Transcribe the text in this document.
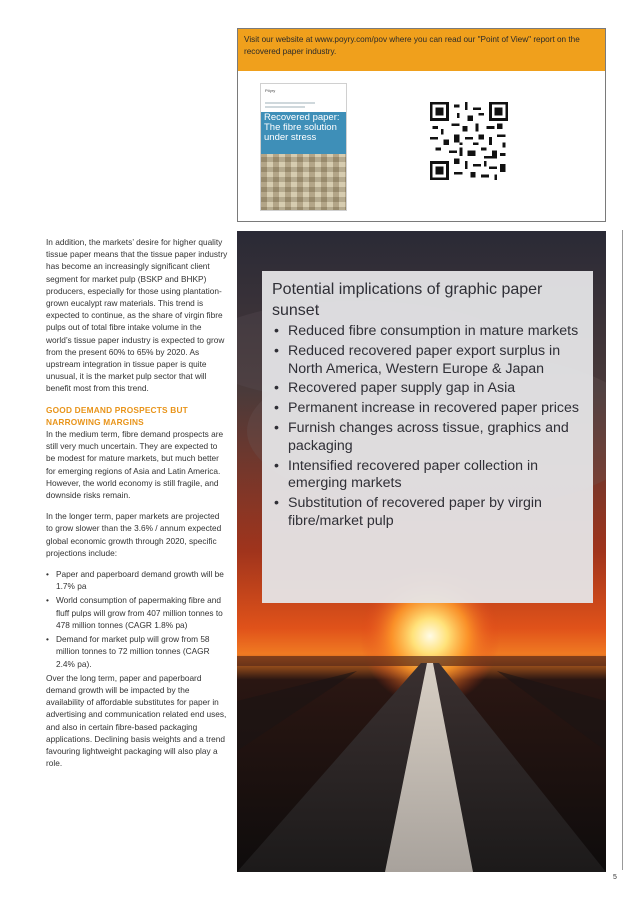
Visit our website at www.poyry.com/pov where you can read our "Point of View" report on the recovered paper industry.
Pöyry
Recovered paper: The fibre solution under stress

In addition, the markets’ desire for higher quality tissue paper means that the tissue paper industry has become an increasingly significant client segment for market pulp (BSKP and BHKP) producers, especially for those using plantation-grown eucalypt raw materials. This trend is expected to continue, as the share of virgin fibre pulps out of total fibre intake volume in the world’s tissue paper industry is expected to grow from the present 60% to 65% by 2020. As upstream integration in tissue paper is quite unusual, it is the market pulp sector that will benefit most from this trend.

GOOD DEMAND PROSPECTS BUT NARROWING MARGINS

In the medium term, fibre demand prospects are still very much uncertain. They are expected to be modest for mature markets, but much better for emerging regions of Asia and Latin America. However, the world economy is still fragile, and downside risks remain.

In the longer term, paper markets are projected to grow slower than the 3.6% / annum expected global economic growth through 2020, specific projections include:

• Paper and paperboard demand growth will be 1.7% pa
• World consumption of papermaking fibre and fluff pulps will grow from 407 million tonnes to 478 million tonnes (CAGR 1.8% pa)
• Demand for market pulp will grow from 58 million tonnes to 72 million tonnes (CAGR 2.4% pa).

Over the long term, paper and paperboard demand growth will be impacted by the availability of affordable substitutes for paper in advertising and communication related end uses, and also in certain fibre-based packaging applications. Declining basis weights and a trend favouring lightweight packaging will also play a role.

Potential implications of graphic paper sunset
• Reduced fibre consumption in mature markets
• Reduced recovered paper export surplus in North America, Western Europe & Japan
• Recovered paper supply gap in Asia
• Permanent increase in recovered paper prices
• Furnish changes across tissue, graphics and packaging
• Intensified recovered paper collection in emerging markets
• Substitution of recovered paper by virgin fibre/market pulp
5
